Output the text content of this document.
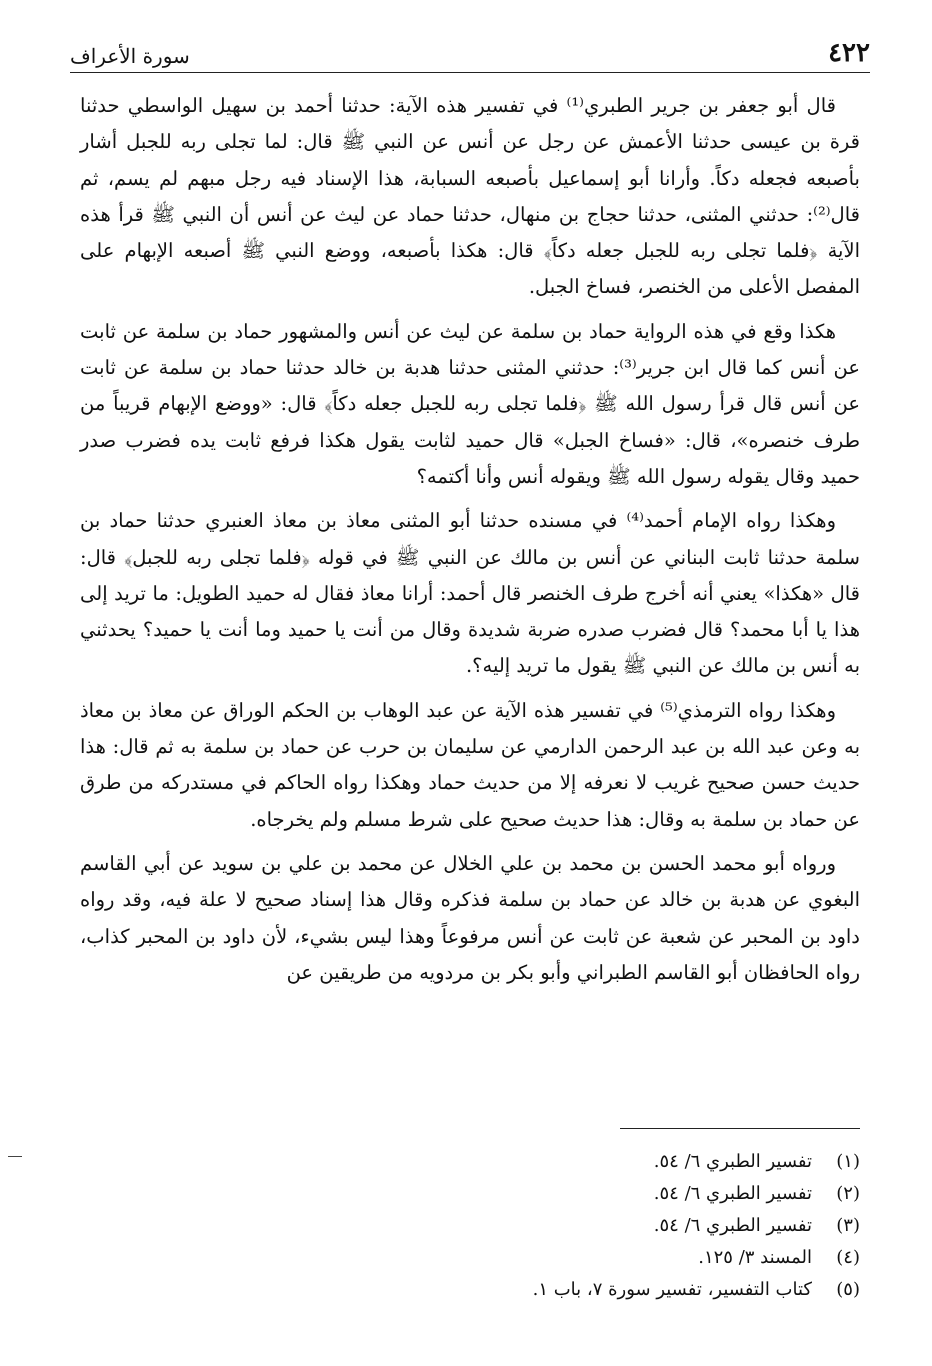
٤٢٢
سورة الأعراف

قال أبو جعفر بن جرير الطبري⁽¹⁾ في تفسير هذه الآية: حدثنا أحمد بن سهيل الواسطي حدثنا قرة بن عيسى حدثنا الأعمش عن رجل عن أنس عن النبي ﷺ قال: لما تجلى ربه للجبل أشار بأصبعه فجعله دكاً. وأرانا أبو إسماعيل بأصبعه السبابة، هذا الإسناد فيه رجل مبهم لم يسم، ثم قال⁽²⁾: حدثني المثنى، حدثنا حجاج بن منهال، حدثنا حماد عن ليث عن أنس أن النبي ﷺ قرأ هذه الآية ﴿فلما تجلى ربه للجبل جعله دكاً﴾ قال: هكذا بأصبعه، ووضع النبي ﷺ أصبعه الإبهام على المفصل الأعلى من الخنصر، فساخ الجبل.

هكذا وقع في هذه الرواية حماد بن سلمة عن ليث عن أنس والمشهور حماد بن سلمة عن ثابت عن أنس كما قال ابن جرير⁽³⁾: حدثني المثنى حدثنا هدبة بن خالد حدثنا حماد بن سلمة عن ثابت عن أنس قال قرأ رسول الله ﷺ ﴿فلما تجلى ربه للجبل جعله دكاً﴾ قال: «ووضع الإبهام قريباً من طرف خنصره»، قال: «فساخ الجبل» قال حميد لثابت يقول هكذا فرفع ثابت يده فضرب صدر حميد وقال يقوله رسول الله ﷺ ويقوله أنس وأنا أكتمه؟

وهكذا رواه الإمام أحمد⁽⁴⁾ في مسنده حدثنا أبو المثنى معاذ بن معاذ العنبري حدثنا حماد بن سلمة حدثنا ثابت البناني عن أنس بن مالك عن النبي ﷺ في قوله ﴿فلما تجلى ربه للجبل﴾ قال: قال «هكذا» يعني أنه أخرج طرف الخنصر قال أحمد: أرانا معاذ فقال له حميد الطويل: ما تريد إلى هذا يا أبا محمد؟ قال فضرب صدره ضربة شديدة وقال من أنت يا حميد وما أنت يا حميد؟ يحدثني به أنس بن مالك عن النبي ﷺ يقول ما تريد إليه؟.

وهكذا رواه الترمذي⁽⁵⁾ في تفسير هذه الآية عن عبد الوهاب بن الحكم الوراق عن معاذ بن معاذ به وعن عبد الله بن عبد الرحمن الدارمي عن سليمان بن حرب عن حماد بن سلمة به ثم قال: هذا حديث حسن صحيح غريب لا نعرفه إلا من حديث حماد وهكذا رواه الحاكم في مستدركه من طرق عن حماد بن سلمة به وقال: هذا حديث صحيح على شرط مسلم ولم يخرجاه.

ورواه أبو محمد الحسن بن محمد بن علي الخلال عن محمد بن علي بن سويد عن أبي القاسم البغوي عن هدبة بن خالد عن حماد بن سلمة فذكره وقال هذا إسناد صحيح لا علة فيه، وقد رواه داود بن المحبر عن شعبة عن ثابت عن أنس مرفوعاً وهذا ليس بشيء، لأن داود بن المحبر كذاب، رواه الحافظان أبو القاسم الطبراني وأبو بكر بن مردويه من طريقين عن

(١)
تفسير الطبري ٦/ ٥٤.
(٢)
تفسير الطبري ٦/ ٥٤.
(٣)
تفسير الطبري ٦/ ٥٤.
(٤)
المسند ٣/ ١٢٥.
(٥)
كتاب التفسير، تفسير سورة ٧، باب ١.
